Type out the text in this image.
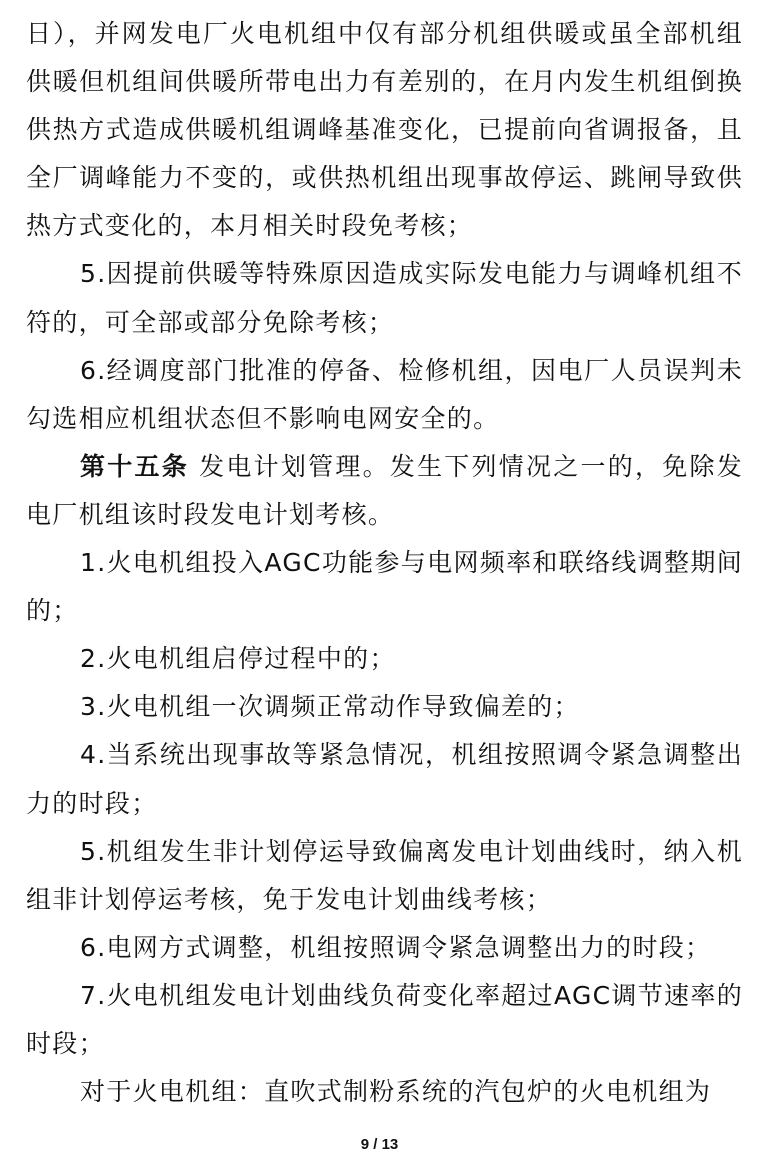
日），并网发电厂火电机组中仅有部分机组供暖或虽全部机组供暖但机组间供暖所带电出力有差别的，在月内发生机组倒换供热方式造成供暖机组调峰基准变化，已提前向省调报备，且全厂调峰能力不变的，或供热机组出现事故停运、跳闸导致供热方式变化的，本月相关时段免考核；

5.因提前供暖等特殊原因造成实际发电能力与调峰机组不符的，可全部或部分免除考核；

6.经调度部门批准的停备、检修机组，因电厂人员误判未勾选相应机组状态但不影响电网安全的。

第十五条 发电计划管理。发生下列情况之一的，免除发电厂机组该时段发电计划考核。

1.火电机组投入AGC功能参与电网频率和联络线调整期间的；

2.火电机组启停过程中的；

3.火电机组一次调频正常动作导致偏差的；

4.当系统出现事故等紧急情况，机组按照调令紧急调整出力的时段；

5.机组发生非计划停运导致偏离发电计划曲线时，纳入机组非计划停运考核，免于发电计划曲线考核；

6.电网方式调整，机组按照调令紧急调整出力的时段；

7.火电机组发电计划曲线负荷变化率超过AGC调节速率的时段；

对于火电机组：直吹式制粉系统的汽包炉的火电机组为

9 / 13
